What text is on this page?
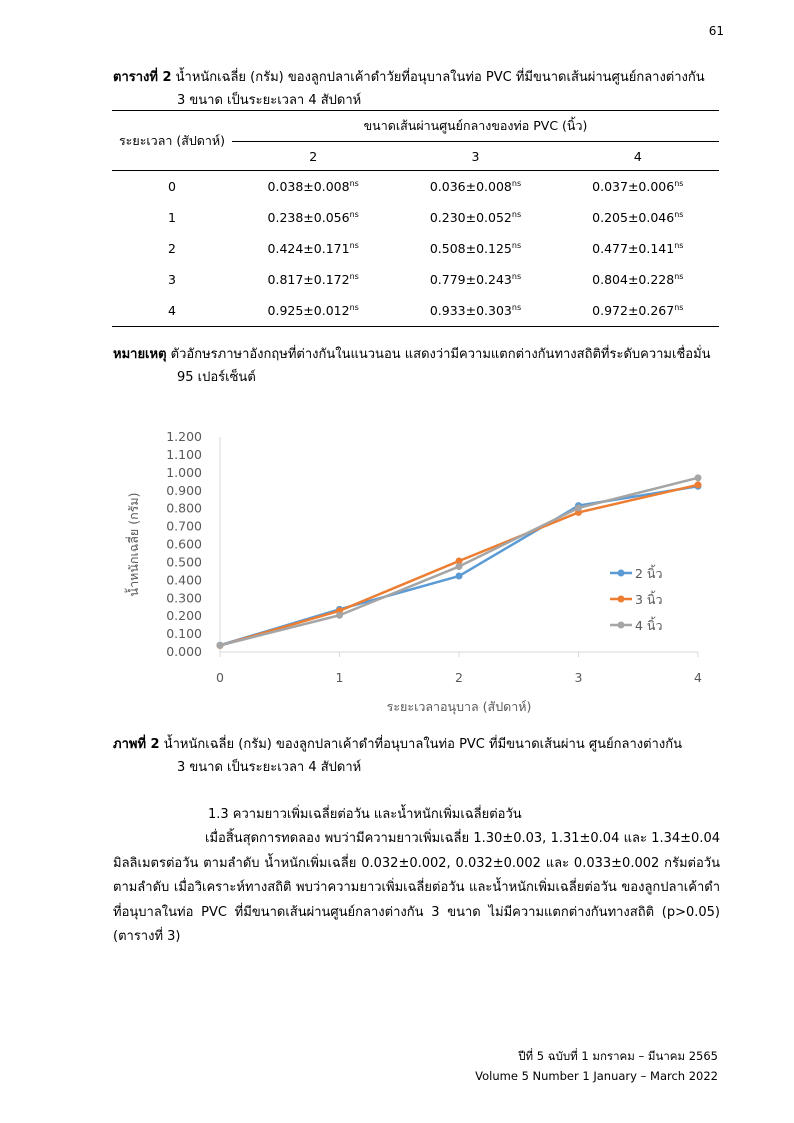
61
ตารางที่ 2 น้ำหนักเฉลี่ย (กรัม) ของลูกปลาเค้าดำวัยที่อนุบาลในท่อ PVC ที่มีขนาดเส้นผ่านศูนย์กลางต่างกัน
3 ขนาด เป็นระยะเวลา 4 สัปดาห์
ระยะเวลา (สัปดาห์)	ขนาดเส้นผ่านศูนย์กลางของท่อ PVC (นิ้ว)		
	2	3	4
0	$0.038\pm 0.008^{ns}$	$0.036\pm 0.008^{ns}$	$0.037\pm 0.006^{ns}$
1	$0.238\pm 0.056^{ns}$	$0.230\pm 0.052^{ns}$	$0.205\pm 0.046^{ns}$
2	$0.424\pm 0.171^{ns}$	$0.508\pm 0.125^{ns}$	$0.477\pm 0.141^{ns}$
3	$0.817\pm 0.172^{ns}$	$0.779\pm 0.243^{ns}$	$0.804\pm 0.228^{ns}$
4	$0.925\pm 0.012^{ns}$	$0.933\pm 0.303^{ns}$	$0.972\pm 0.267^{ns}$
หมายเหตุ ตัวอักษรภาษาอังกฤษที่ต่างกันในแนวนอน แสดงว่ามีความแตกต่างกันทางสถิติที่ระดับความเชื่อมั่น
95 เปอร์เซ็นต์
0.000
0.100
0.200
0.300
0.400
0.500
0.600
0.700
0.800
0.900
1.000
1.100
1.200
0	1	2	3	4
ระยะเวลาอนุบาล (สัปดาห์)
น้ำหนักเฉลี่ย (กรัม)	2 นิ้ว
3 นิ้ว
4 นิ้ว
ภาพที่ 2 น้ำหนักเฉลี่ย (กรัม) ของลูกปลาเค้าดำที่อนุบาลในท่อ PVC ที่มีขนาดเส้นผ่าน ศูนย์กลางต่างกัน
3 ขนาด เป็นระยะเวลา 4 สัปดาห์
1.3 ความยาวเพิ่มเฉลี่ยต่อวัน และน้ำหนักเพิ่มเฉลี่ยต่อวัน
เมื่อสิ้นสุดการทดลอง พบว่ามีความยาวเพิ่มเฉลี่ย 1.30±0.03, 1.31±0.04 และ 1.34±0.04 มิลลิเมตรต่อวัน ตามลำดับ น้ำหนักเพิ่มเฉลี่ย 0.032±0.002, 0.032±0.002 และ 0.033±0.002 กรัมต่อวัน ตามลำดับ เมื่อวิเคราะห์ทางสถิติ พบว่าความยาวเพิ่มเฉลี่ยต่อวัน และน้ำหนักเพิ่มเฉลี่ยต่อวัน ของลูกปลาเค้าดำที่อนุบาลในท่อ PVC ที่มีขนาดเส้นผ่านศูนย์กลางต่างกัน 3 ขนาด ไม่มีความแตกต่างกันทางสถิติ (p>0.05) (ตารางที่ 3)
ปีที่ 5 ฉบับที่ 1 มกราคม – มีนาคม 2565
Volume 5 Number 1 January – March 2022
